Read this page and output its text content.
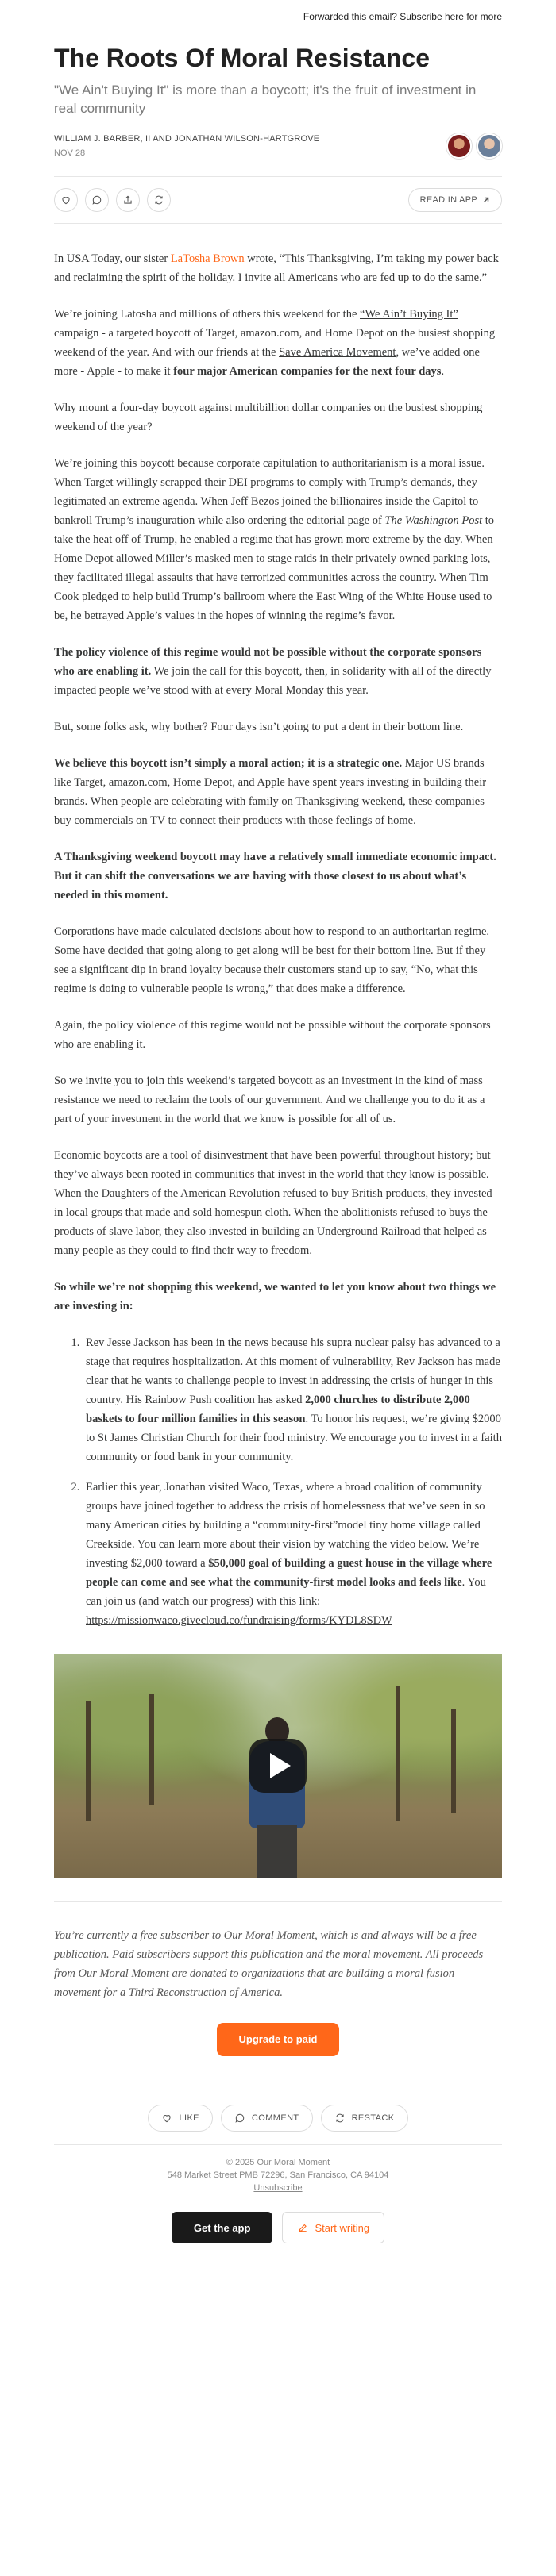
Forwarded this email? Subscribe here for more
The Roots Of Moral Resistance
"We Ain't Buying It" is more than a boycott; it's the fruit of investment in real community
WILLIAM J. BARBER, II AND JONATHAN WILSON-HARTGROVE
NOV 28
READ IN APP

In USA Today, our sister LaTosha Brown wrote, “This Thanksgiving, I’m taking my power back and reclaiming the spirit of the holiday. I invite all Americans who are fed up to do the same.”

We’re joining Latosha and millions of others this weekend for the “We Ain’t Buying It” campaign - a targeted boycott of Target, amazon.com, and Home Depot on the busiest shopping weekend of the year. And with our friends at the Save America Movement, we’ve added one more - Apple - to make it four major American companies for the next four days.

Why mount a four-day boycott against multibillion dollar companies on the busiest shopping weekend of the year?

We’re joining this boycott because corporate capitulation to authoritarianism is a moral issue. When Target willingly scrapped their DEI programs to comply with Trump’s demands, they legitimated an extreme agenda. When Jeff Bezos joined the billionaires inside the Capitol to bankroll Trump’s inauguration while also ordering the editorial page of The Washington Post to take the heat off of Trump, he enabled a regime that has grown more extreme by the day. When Home Depot allowed Miller’s masked men to stage raids in their privately owned parking lots, they facilitated illegal assaults that have terrorized communities across the country. When Tim Cook pledged to help build Trump’s ballroom where the East Wing of the White House used to be, he betrayed Apple’s values in the hopes of winning the regime’s favor.

The policy violence of this regime would not be possible without the corporate sponsors who are enabling it. We join the call for this boycott, then, in solidarity with all of the directly impacted people we’ve stood with at every Moral Monday this year.

But, some folks ask, why bother? Four days isn’t going to put a dent in their bottom line.

We believe this boycott isn’t simply a moral action; it is a strategic one. Major US brands like Target, amazon.com, Home Depot, and Apple have spent years investing in building their brands. When people are celebrating with family on Thanksgiving weekend, these companies buy commercials on TV to connect their products with those feelings of home.

A Thanksgiving weekend boycott may have a relatively small immediate economic impact. But it can shift the conversations we are having with those closest to us about what’s needed in this moment.

Corporations have made calculated decisions about how to respond to an authoritarian regime. Some have decided that going along to get along will be best for their bottom line. But if they see a significant dip in brand loyalty because their customers stand up to say, “No, what this regime is doing to vulnerable people is wrong,” that does make a difference.

Again, the policy violence of this regime would not be possible without the corporate sponsors who are enabling it.

So we invite you to join this weekend’s targeted boycott as an investment in the kind of mass resistance we need to reclaim the tools of our government. And we challenge you to do it as a part of your investment in the world that we know is possible for all of us.

Economic boycotts are a tool of disinvestment that have been powerful throughout history; but they’ve always been rooted in communities that invest in the world that they know is possible. When the Daughters of the American Revolution refused to buy British products, they invested in local groups that made and sold homespun cloth. When the abolitionists refused to buys the products of slave labor, they also invested in building an Underground Railroad that helped as many people as they could to find their way to freedom.

So while we’re not shopping this weekend, we wanted to let you know about two things we are investing in:

1. Rev Jesse Jackson has been in the news because his supra nuclear palsy has advanced to a stage that requires hospitalization. At this moment of vulnerability, Rev Jackson has made clear that he wants to challenge people to invest in addressing the crisis of hunger in this country. His Rainbow Push coalition has asked 2,000 churches to distribute 2,000 baskets to four million families in this season. To honor his request, we’re giving $2000 to St James Christian Church for their food ministry. We encourage you to invest in a faith community or food bank in your community.
2. Earlier this year, Jonathan visited Waco, Texas, where a broad coalition of community groups have joined together to address the crisis of homelessness that we’ve seen in so many American cities by building a “community-first”model tiny home village called Creekside. You can learn more about their vision by watching the video below. We’re investing $2,000 toward a $50,000 goal of building a guest house in the village where people can come and see what the community-first model looks and feels like. You can join us (and watch our progress) with this link: https://missionwaco.givecloud.co/fundraising/forms/KYDL8SDW

You’re currently a free subscriber to Our Moral Moment, which is and always will be a free publication. Paid subscribers support this publication and the moral movement. All proceeds from Our Moral Moment are donated to organizations that are building a moral fusion movement for a Third Reconstruction of America.

Upgrade to paid
LIKE	COMMENT	RESTACK
© 2025 Our Moral Moment
548 Market Street PMB 72296, San Francisco, CA 94104
Unsubscribe
Get the app	Start writing
